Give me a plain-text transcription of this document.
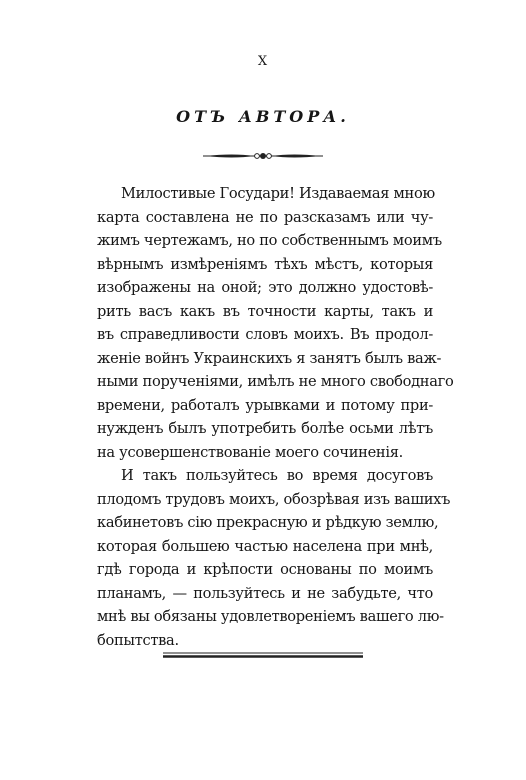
X
ОТЪ АВТОРА.
Милостивые Государи! Издаваемая мною
карта составлена не по разсказамъ или чу-
жимъ чертежамъ, но по собственнымъ моимъ
вѣрнымъ измѣреніямъ тѣхъ мѣстъ, которыя
изображены на оной; это должно удостовѣ-
рить васъ какъ въ точности карты, такъ и
въ справедливости словъ моихъ. Въ продол-
женіе войнъ Украинскихъ я занятъ былъ важ-
ными порученіями, имѣлъ не много свободнаго
времени, работалъ урывками и потому при-
нужденъ былъ употребить болѣе осьми лѣтъ
на усовершенствованіе моего сочиненія.
И такъ пользуйтесь во время досуговъ
плодомъ трудовъ моихъ, обозрѣвая изъ вашихъ
кабинетовъ сію прекрасную и рѣдкую землю,
которая большею частью населена при мнѣ,
гдѣ города и крѣпости основаны по моимъ
планамъ, — пользуйтесь и не забудьте, что
мнѣ вы обязаны удовлетвореніемъ вашего лю-
бопытства.
